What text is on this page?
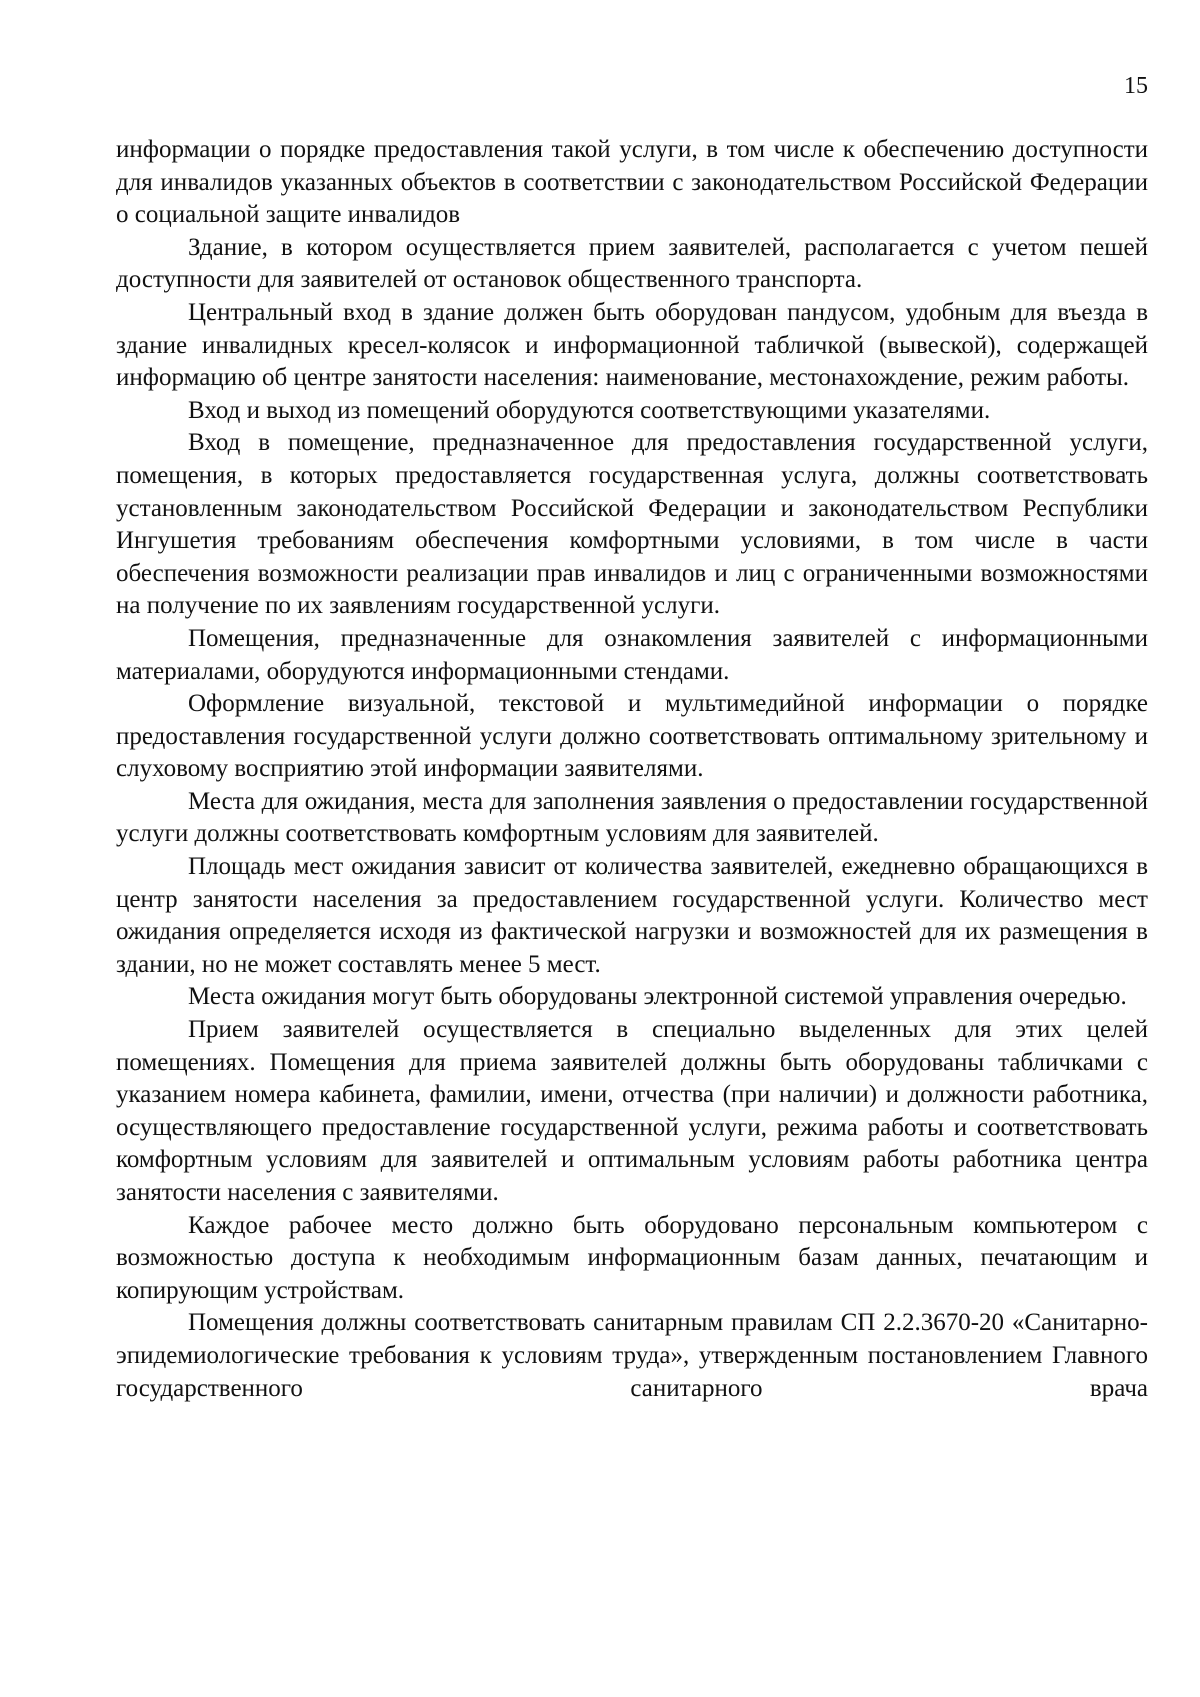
15

информации о порядке предоставления такой услуги, в том числе к обеспечению доступности для инвалидов указанных объектов в соответствии с законодательством Российской Федерации о социальной защите инвалидов

Здание, в котором осуществляется прием заявителей, располагается с учетом пешей доступности для заявителей от остановок общественного транспорта.

Центральный вход в здание должен быть оборудован пандусом, удобным для въезда в здание инвалидных кресел-колясок и информационной табличкой (вывеской), содержащей информацию об центре занятости населения: наименование, местонахождение, режим работы.

Вход и выход из помещений оборудуются соответствующими указателями.

Вход в помещение, предназначенное для предоставления государственной услуги, помещения, в которых предоставляется государственная услуга, должны соответствовать установленным законодательством Российской Федерации и законодательством Республики Ингушетия требованиям обеспечения комфортными условиями, в том числе в части обеспечения возможности реализации прав инвалидов и лиц с ограниченными возможностями на получение по их заявлениям государственной услуги.

Помещения, предназначенные для ознакомления заявителей с информационными материалами, оборудуются информационными стендами.

Оформление визуальной, текстовой и мультимедийной информации о порядке предоставления государственной услуги должно соответствовать оптимальному зрительному и слуховому восприятию этой информации заявителями.

Места для ожидания, места для заполнения заявления о предоставлении государственной услуги должны соответствовать комфортным условиям для заявителей.

Площадь мест ожидания зависит от количества заявителей, ежедневно обращающихся в центр занятости населения за предоставлением государственной услуги. Количество мест ожидания определяется исходя из фактической нагрузки и возможностей для их размещения в здании, но не может составлять менее 5 мест.

Места ожидания могут быть оборудованы электронной системой управления очередью.

Прием заявителей осуществляется в специально выделенных для этих целей помещениях. Помещения для приема заявителей должны быть оборудованы табличками с указанием номера кабинета, фамилии, имени, отчества (при наличии) и должности работника, осуществляющего предоставление государственной услуги, режима работы и соответствовать комфортным условиям для заявителей и оптимальным условиям работы работника центра занятости населения с заявителями.

Каждое рабочее место должно быть оборудовано персональным компьютером с возможностью доступа к необходимым информационным базам данных, печатающим и копирующим устройствам.

Помещения должны соответствовать санитарным правилам СП 2.2.3670-20 «Санитарно-эпидемиологические требования к условиям труда», утвержденным постановлением Главного государственного санитарного врача
